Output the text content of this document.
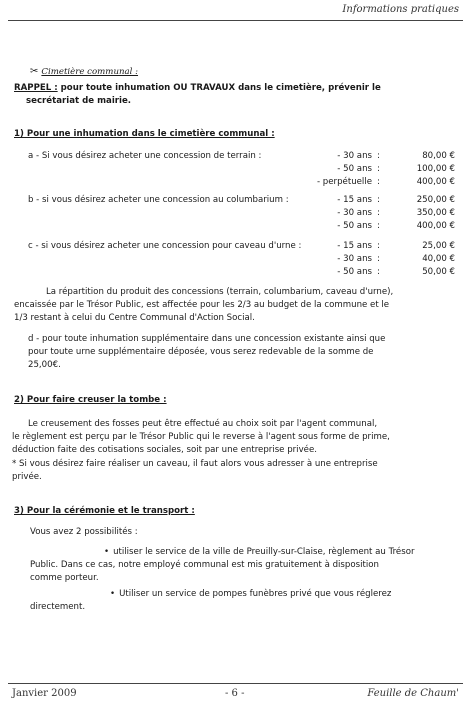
Informations pratiques
✂ Cimetière communal :
RAPPEL : pour toute inhumation OU TRAVAUX dans le cimetière, prévenir le
secrétariat de mairie.
1) Pour une inhumation dans le cimetière communal :
a - Si vous désirez acheter une concession de terrain :	- 30 ans :	80,00 €
- 50 ans :	100,00 €
- perpétuelle :	400,00 €
b - si vous désirez acheter une concession au columbarium :	- 15 ans :	250,00 €
- 30 ans :	350,00 €
- 50 ans :	400,00 €
c - si vous désirez acheter une concession pour caveau d'urne :	- 15 ans :	25,00 €
- 30 ans :	40,00 €
- 50 ans :	50,00 €
La répartition du produit des concessions (terrain, columbarium, caveau d'urne),
encaissée par le Trésor Public, est affectée pour les 2/3 au budget de la commune et le
1/3 restant à celui du Centre Communal d'Action Social.
d - pour toute inhumation supplémentaire dans une concession existante ainsi que
pour toute urne supplémentaire déposée, vous serez redevable de la somme de
25,00€.
2) Pour faire creuser la tombe :
Le creusement des fosses peut être effectué au choix soit par l'agent communal,
le règlement est perçu par le Trésor Public qui le reverse à l'agent sous forme de prime,
déduction faite des cotisations sociales, soit par une entreprise privée.
* Si vous désirez faire réaliser un caveau, il faut alors vous adresser à une entreprise
privée.
3) Pour la cérémonie et le transport :
Vous avez 2 possibilités :
• utiliser le service de la ville de Preuilly-sur-Claise, règlement au Trésor
Public. Dans ce cas, notre employé communal est mis gratuitement à disposition
comme porteur.
• Utiliser un service de pompes funèbres privé que vous réglerez
directement.
Janvier 2009	- 6 -	Feuille de Chaum'
